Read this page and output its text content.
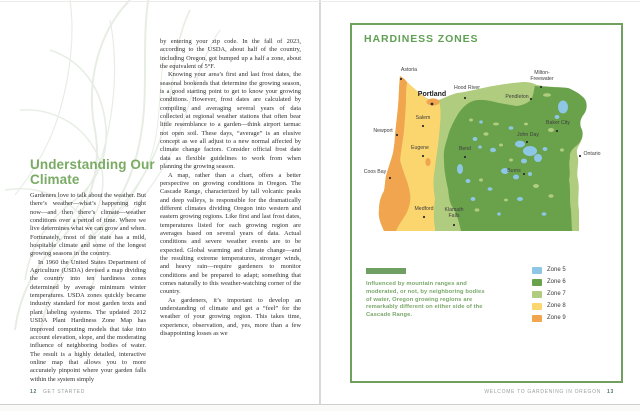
Understanding Our Climate

Gardeners love to talk about the weather. But there’s weather—what’s happening right now—and then there’s climate—weather conditions over a period of time. Where we live determines what we can grow and when. Fortunately, most of the state has a mild, hospitable climate and some of the longest growing seasons in the country.

In 1960 the United States Department of Agriculture (USDA) devised a map dividing the country into ten hardiness zones determined by average minimum winter temperatures. USDA zones quickly became industry standard for most garden texts and plant labeling systems. The updated 2012 USDA Plant Hardiness Zone Map has improved computing models that take into account elevation, slope, and the moderating influence of neighboring bodies of water. The result is a highly detailed, interactive online map that allows you to more accurately pinpoint where your garden falls within the system simply

by entering your zip code. In the fall of 2023, according to the USDA, about half of the country, including Oregon, got bumped up a half a zone, about the equivalent of 5°F.

Knowing your area’s first and last frost dates, the seasonal bookends that determine the growing season, is a good starting point to get to know your growing conditions. However, frost dates are calculated by compiling and averaging several years of data collected at regional weather stations that often bear little resemblance to a garden—think airport tarmac not open soil. These days, “average” is an elusive concept as we all adjust to a new normal affected by climate change factors. Consider official frost date data as flexible guidelines to work from when planning the growing season.

A map, rather than a chart, offers a better perspective on growing conditions in Oregon. The Cascade Range, characterized by tall volcanic peaks and deep valleys, is responsible for the dramatically different climates dividing Oregon into western and eastern growing regions. Like first and last frost dates, temperatures listed for each growing region are averages based on several years of data. Actual conditions and severe weather events are to be expected. Global warming and climate change—and the resulting extreme temperatures, stronger winds, and heavy rain—require gardeners to monitor conditions and be prepared to adapt; something that comes naturally to this weather-watching corner of the country.

As gardeners, it’s important to develop an understanding of climate and get a “feel” for the weather of your growing region. This takes time, experience, observation, and, yes, more than a few disappointing losses as we

12 GET STARTED
HARDINESS ZONES
Astoria
Portland
Hood River
Milton-
Freewater
Pendleton
Salem
Newport
Baker City
John Day
Eugene	Bend
Ontario
Coos Bay	Burns
Medford Klamath
Falls
Zone 5
Zone 6
Zone 7
Zone 8
Zone 9
Influenced by mountain ranges and moderated, or not, by neighboring bodies of water, Oregon growing regions are remarkably different on either side of the Cascade Range.
WELCOME TO GARDENING IN OREGON 13
